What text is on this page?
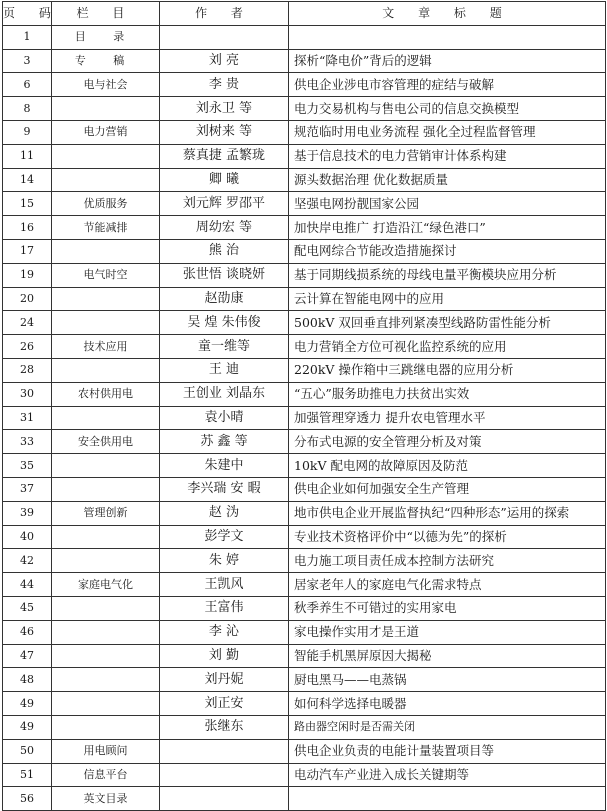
页 码	栏 目	作 者	文 章 标 题
1	目 录		
3	专 稿	刘 亮	探析“降电价”背后的逻辑
6	电与社会	李 贵	供电企业涉电市容管理的症结与破解
8		刘永卫 等	电力交易机构与售电公司的信息交换模型
9	电力营销	刘树来 等	规范临时用电业务流程 强化全过程监督管理
11		蔡真捷 孟繁珑	基于信息技术的电力营销审计体系构建
14		卿 曦	源头数据治理 优化数据质量
15	优质服务	刘元辉 罗邵平	坚强电网扮靓国家公园
16	节能减排	周幼宏 等	加快岸电推广 打造沿江“绿色港口”
17		熊 治	配电网综合节能改造措施探讨
19	电气时空	张世悟 谈晓妍	基于同期线损系统的母线电量平衡模块应用分析
20		赵劭康	云计算在智能电网中的应用
24		吴 煌 朱伟俊	500kV 双回垂直排列紧凑型线路防雷性能分析
26	技术应用	童一维等	电力营销全方位可视化监控系统的应用
28		王 迪	220kV 操作箱中三跳继电器的应用分析
30	农村供用电	王创业 刘晶东	“五心”服务助推电力扶贫出实效
31		袁小晴	加强管理穿透力 提升农电管理水平
33	安全供用电	苏 鑫 等	分布式电源的安全管理分析及对策
35		朱建中	10kV 配电网的故障原因及防范
37		李兴瑞 安 暇	供电企业如何加强安全生产管理
39	管理创新	赵 沩	地市供电企业开展监督执纪“四种形态”运用的探索
40		彭学文	专业技术资格评价中“以德为先”的探析
42		朱 婷	电力施工项目责任成本控制方法研究
44	家庭电气化	王凯风	居家老年人的家庭电气化需求特点
45		王富伟	秋季养生不可错过的实用家电
46		李 沁	家电操作实用才是王道
47		刘 勤	智能手机黑屏原因大揭秘
48		刘丹妮	厨电黑马——电蒸锅
49		刘正安	如何科学选择电暖器
49		张继东	路由器空闲时是否需关闭
50	用电顾问		供电企业负责的电能计量装置项目等
51	信息平台		电动汽车产业进入成长关键期等
56	英文目录		
